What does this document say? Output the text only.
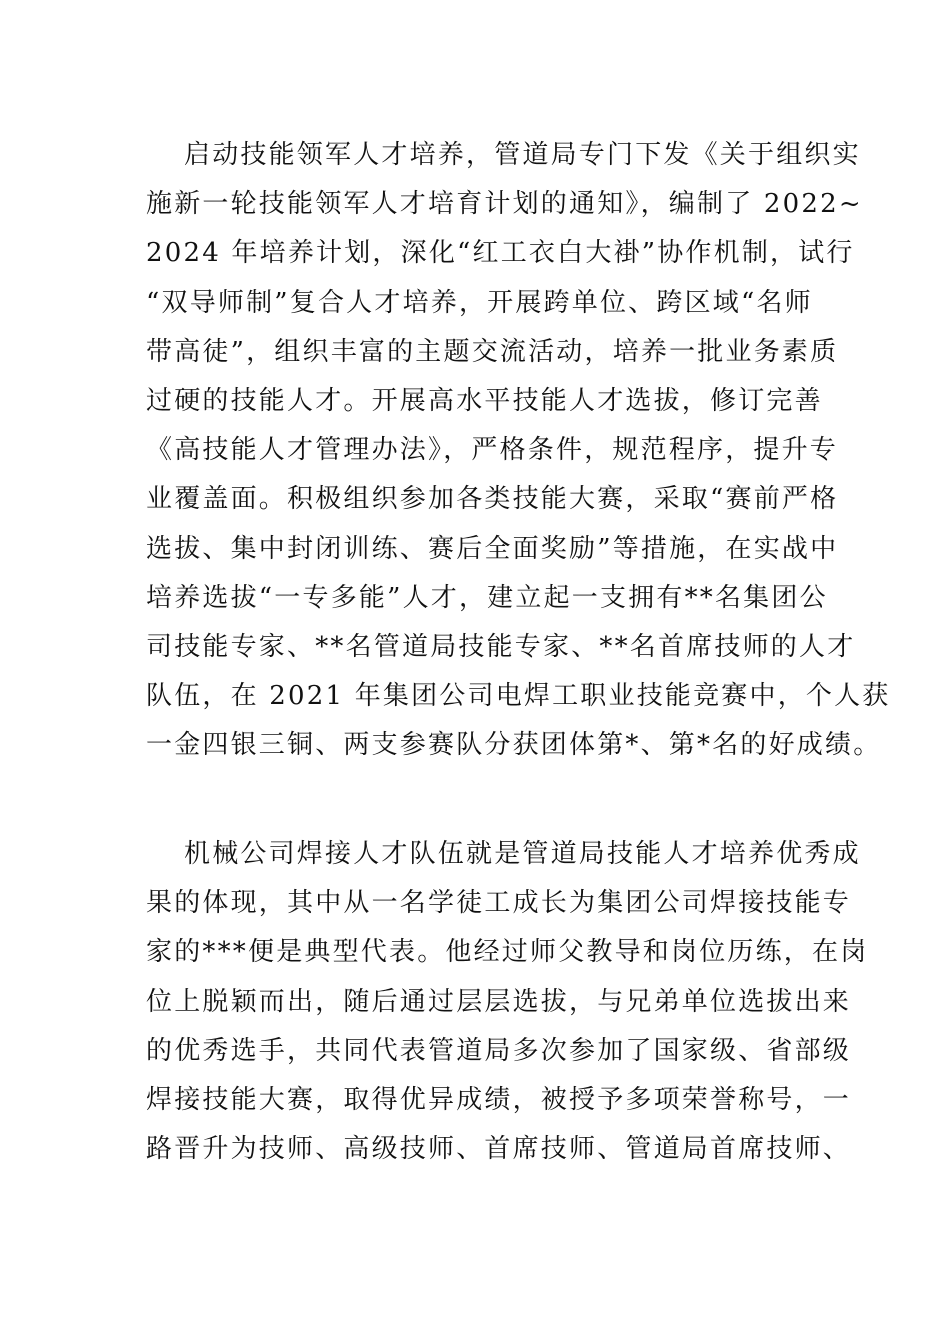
启动技能领军人才培养，管道局专门下发《关于组织实
施新一轮技能领军人才培育计划的通知》，编制了 2022~
2024 年培养计划，深化“红工衣白大褂”协作机制，试行
“双导师制”复合人才培养，开展跨单位、跨区域“名师
带高徒”，组织丰富的主题交流活动，培养一批业务素质
过硬的技能人才。开展高水平技能人才选拔，修订完善
《高技能人才管理办法》，严格条件，规范程序，提升专
业覆盖面。积极组织参加各类技能大赛，采取“赛前严格
选拔、集中封闭训练、赛后全面奖励”等措施，在实战中
培养选拔“一专多能”人才，建立起一支拥有**名集团公
司技能专家、**名管道局技能专家、**名首席技师的人才
队伍，在 2021 年集团公司电焊工职业技能竞赛中，个人获
一金四银三铜、两支参赛队分获团体第*、第*名的好成绩。

机械公司焊接人才队伍就是管道局技能人才培养优秀成
果的体现，其中从一名学徒工成长为集团公司焊接技能专
家的***便是典型代表。他经过师父教导和岗位历练，在岗
位上脱颖而出，随后通过层层选拔，与兄弟单位选拔出来
的优秀选手，共同代表管道局多次参加了国家级、省部级
焊接技能大赛，取得优异成绩，被授予多项荣誉称号，一
路晋升为技师、高级技师、首席技师、管道局首席技师、
